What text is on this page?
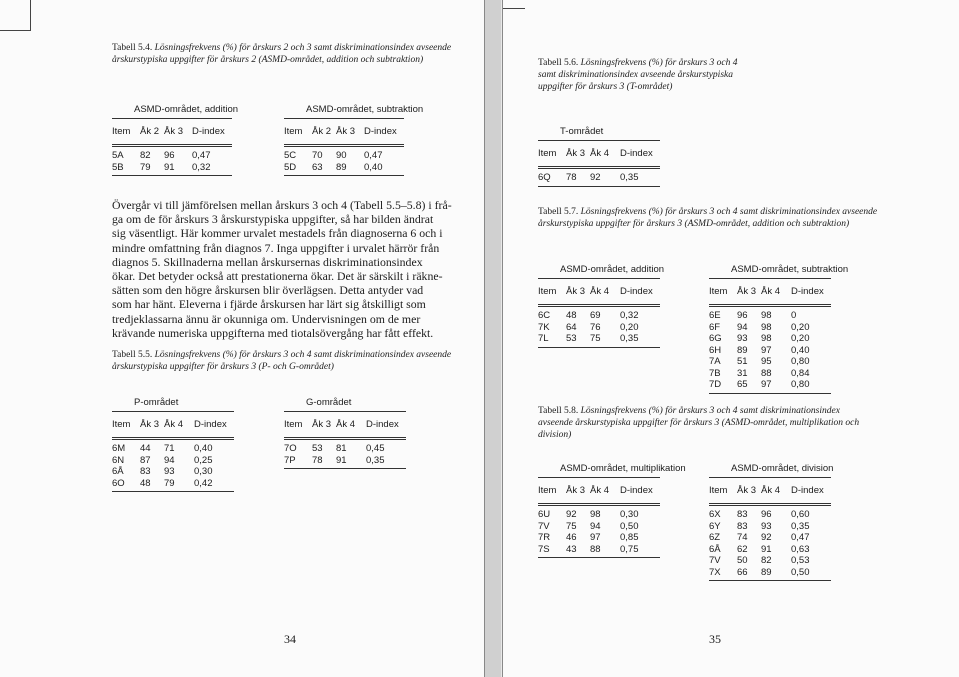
Tabell 5.4. Lösningsfrekvens (%) för årskurs 2 och 3 samt diskriminationsindex avseende årskurstypiska uppgifter för årskurs 2 (ASMD-området, addition och subtraktion)
Övergår vi till jämförelsen mellan årskurs 3 och 4 (Tabell 5.5–5.8) i frå-
ga om de för årskurs 3 årskurstypiska uppgifter, så har bilden ändrat
sig väsentligt. Här kommer urvalet mestadels från diagnoserna 6 och i
mindre omfattning från diagnos 7. Inga uppgifter i urvalet härrör från
diagnos 5. Skillnaderna mellan årskursernas diskriminationsindex
ökar. Det betyder också att prestationerna ökar. Det är särskilt i räkne-
sätten som den högre årskursen blir överlägsen. Detta antyder vad
som har hänt. Eleverna i fjärde årskursen har lärt sig åtskilligt som
tredjeklassarna ännu är okunniga om. Undervisningen om de mer
krävande numeriska uppgifterna med tiotalsövergång har fått effekt.
Tabell 5.5. Lösningsfrekvens (%) för årskurs 3 och 4 samt diskriminationsindex avseende årskurstypiska uppgifter för årskurs 3 (P- och G-området)
34
ASMD-området, addition
Item Åk 2 Åk 3 D-index
5A 82 96 0,47
5B 79 91 0,32
ASMD-området, subtraktion
Item Åk 2 Åk 3 D-index
5C 70 90 0,47
5D 63 89 0,40
P-området
Item Åk 3 Åk 4 D-index
6M 44 71 0,40
6N 87 94 0,25
6Å 83 93 0,30
6O 48 79 0,42
G-området
Item Åk 3 Åk 4 D-index
7O 53 81 0,45
7P 78 91 0,35
Tabell 5.6. Lösningsfrekvens (%) för årskurs 3 och 4 samt diskriminationsindex avseende årskurstypiska uppgifter för årskurs 3 (T-området)
Tabell 5.7. Lösningsfrekvens (%) för årskurs 3 och 4 samt diskriminationsindex avseende årskurstypiska uppgifter för årskurs 3 (ASMD-området, addition och subtraktion)
Tabell 5.8. Lösningsfrekvens (%) för årskurs 3 och 4 samt diskriminationsindex avseende årskurstypiska uppgifter för årskurs 3 (ASMD-området, multiplikation och division)
35
T-området
Item Åk 3 Åk 4 D-index
6Q 78 92 0,35
ASMD-området, addition
Item Åk 3 Åk 4 D-index
6C 48 69 0,32
7K 64 76 0,20
7L 53 75 0,35
ASMD-området, subtraktion
Item Åk 3 Åk 4 D-index
6E 96 98 0
6F 94 98 0,20
6G 93 98 0,20
6H 89 97 0,40
7A 51 95 0,80
7B 31 88 0,84
7D 65 97 0,80
ASMD-området, multiplikation
Item Åk 3 Åk 4 D-index
6U 92 98 0,30
7V 75 94 0,50
7R 46 97 0,85
7S 43 88 0,75
ASMD-området, division
Item Åk 3 Åk 4 D-index
6X 83 96 0,60
6Y 83 93 0,35
6Z 74 92 0,47
6Å 62 91 0,63
7V 50 82 0,53
7X 66 89 0,50
